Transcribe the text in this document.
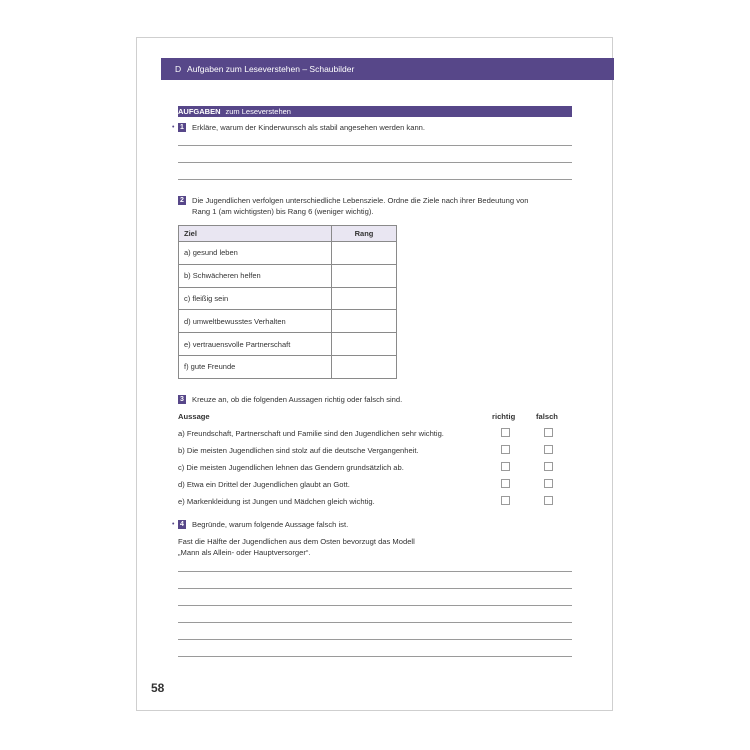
D Aufgaben zum Leseverstehen – Schaubilder
AUFGABEN zum Leseverstehen
• 1 Erkläre, warum der Kinderwunsch als stabil angesehen werden kann.
2 Die Jugendlichen verfolgen unterschiedliche Lebensziele. Ordne die Ziele nach ihrer Bedeutung von
Rang 1 (am wichtigsten) bis Rang 6 (weniger wichtig).
Ziel	Rang
a) gesund leben	
b) Schwächeren helfen	
c) fleißig sein	
d) umweltbewusstes Verhalten	
e) vertrauensvolle Partnerschaft	
f) gute Freunde	
3 Kreuze an, ob die folgenden Aussagen richtig oder falsch sind.
Aussage	richtig	falsch
a) Freundschaft, Partnerschaft und Familie sind den Jugendlichen sehr wichtig.
b) Die meisten Jugendlichen sind stolz auf die deutsche Vergangenheit.
c) Die meisten Jugendlichen lehnen das Gendern grundsätzlich ab.
d) Etwa ein Drittel der Jugendlichen glaubt an Gott.
e) Markenkleidung ist Jungen und Mädchen gleich wichtig.
• 4 Begründe, warum folgende Aussage falsch ist.
Fast die Hälfte der Jugendlichen aus dem Osten bevorzugt das Modell
„Mann als Allein- oder Hauptversorger“.
58
